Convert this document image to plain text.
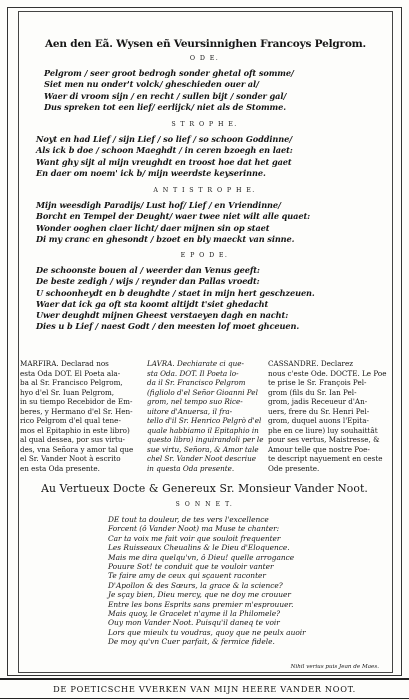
Aen den Eã. Wysen eñ Veursinnighen Francoys Pelgrom.
O D E.
Pelgrom / seer groot bedrogh sonder ghetal oft somme/
Siet men nu onder't volck/ gheschieden ouer al/
Waer di vroom sijn / en recht / sullen bijt / sonder gal/
Dus spreken tot een lief/ eerlijck/ niet als de Stomme.
S T R O P H E.
Noyt en had Lief / sijn Lief / so lief / so schoon Goddinne/
Als ick b doe / schoon Maeghdt / in ceren bzoegh en laet:
Want ghy sijt al mijn vreughdt en troost hoe dat het gaet
En daer om noem' ick b/ mijn weerdste keyserinne.
A N T I S T R O P H E.
Mijn weesdigh Paradijs/ Lust hof/ Lief / en Vriendinne/
Borcht en Tempel der Deught/ waer twee niet wilt alle quaet:
Wonder ooghen claer licht/ daer mijnen sin op staet
Di my cranc en ghesondt / bzoet en bly maeckt van sinne.
E P O D E.
De schoonste bouen al / weerder dan Venus geeft:
De beste zedigh / wijs / reynder dan Pallas vroedt:
U schoonheydt en b deughdte / staet in mijn hert geschzeuen.
Waer dat ick ga oft sta koomt altijdt t'siet ghedacht
Uwer deughdt mijnen Gheest verstaeyen dagh en nacht:
Dies u b Lief / naest Godt / den meesten lof moet ghceuen.
MARFIRA. Declarad nos
esta Oda DOT. El Poeta ala-
ba al Sr. Francisco Pelgrom,
hyo d'el Sr. Iuan Pelgrom,
in su tiempo Recebidor de Em-
beres, y Hermano d'el Sr. Hen-
rico Pelgrom d'el qual tene-
mos el Epitaphio in este libro)
al qual dessea, por sus virtu-
des, vna Señora y amor tal que
el Sr. Vander Noot à escrito
en esta Oda presente.
LAVRA. Dechiarate ci que-
sta Oda. DOT. Il Poeta lo-
da il Sr. Francisco Pelgrom
(figliolo d'el Señor Gioanni Pel
grom, nel tempo suo Rice-
uitore d'Anuersa, il fra-
tello d'il Sr. Henrico Pelgrò d'el
quale habbiamo il Epitaphio in
questo libro) inguirandoli per le
sue virtu, Señora, & Amor tale
chel Sr. Vander Noot descriue
in questa Oda presente.
CASSANDRE. Declarez
nous c'este Ode. DOCTE. Le Poe
te prise le Sr. François Pel-
grom (fils du Sr. Ian Pel-
grom, jadis Receueur d'An-
uers, frere du Sr. Henri Pel-
grom, duquel auons l'Epita-
phe en ce liure) luy souhaittât
pour ses vertus, Maistresse, &
Amour telle que nostre Poe-
te descript nayuement en ceste
Ode presente.
Au Vertueux Docte & Genereux Sr. Monsieur Vander Noot.
S O N N E T.
DE tout ta douleur, de tes vers l'excellence
Forcent (ô Vander Noot) ma Muse te chanter:
Car ta voix me fait voir que souloit frequenter
Les Ruisseaux Cheualins & le Dieu d'Eloquence.
Mais me dira quelqu'vn, ô Dieu! quelle arrogance
Pouure Sot! te conduit que te vouloir vanter
Te faire amy de ceux qui sçauent raconter
D'Apollon & des Sœurs, la grace & la science?
Je sçay bien, Dieu mercy, que ne doy me crouuer
Entre les bons Esprits sans premier m'esprouuer.
Mais quoy, le Gracelet n'ayme il la Philomele?
Ouy mon Vander Noot. Puisqu'il daneq te voir
Lors que mieulx tu voudras, quoy que ne peulx auoir
De moy qu'vn Cuer parfait, & fermice fidele.
Nihil verius puis Jean de Maes.
DE POETICSCHE VVERKEN VAN MIJN HEERE VANDER NOOT.
